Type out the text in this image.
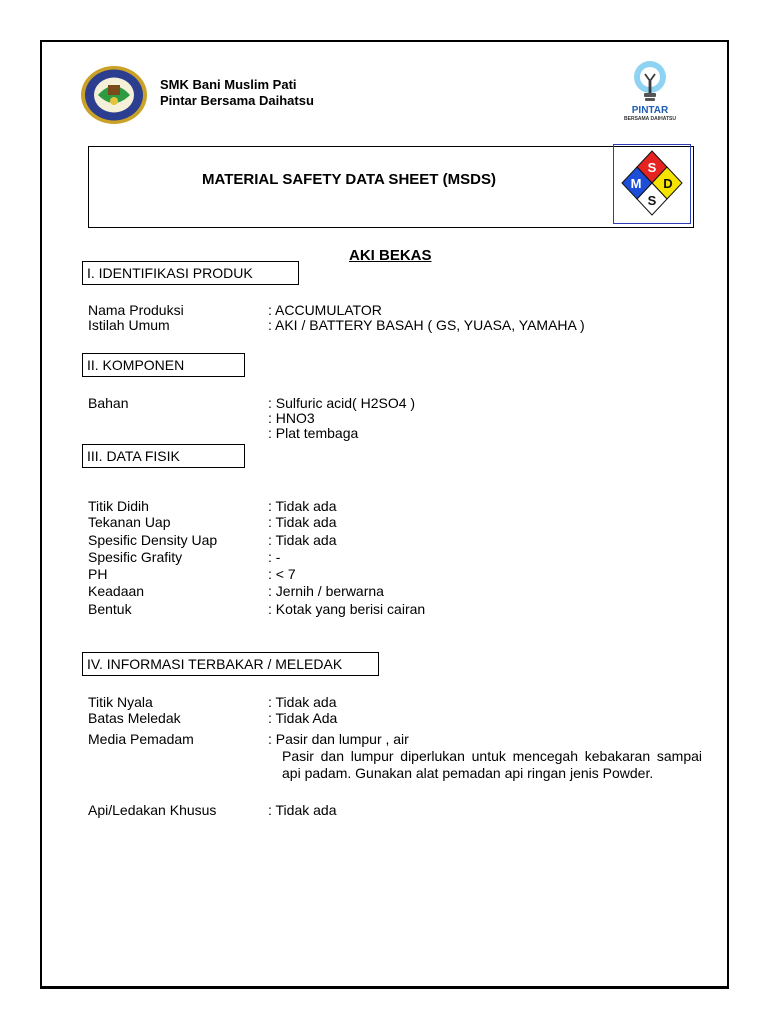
SMK Bani Muslim Pati
Pintar Bersama Daihatsu
PINTAR
BERSAMA DAIHATSU
MATERIAL SAFETY DATA SHEET (MSDS)
S
D
S
M
AKI BEKAS
I. IDENTIFIKASI PRODUK
Nama Produksi	: ACCUMULATOR
Istilah Umum	: AKI / BATTERY BASAH ( GS, YUASA, YAMAHA )
II. KOMPONEN
Bahan	: Sulfuric acid( H2SO4 )
: HNO3
: Plat tembaga
III. DATA FISIK
Titik Didih	: Tidak ada
Tekanan Uap	: Tidak ada
Spesific Density Uap	: Tidak ada
Spesific Grafity	: -
PH	: < 7
Keadaan	: Jernih / berwarna
Bentuk	: Kotak yang berisi cairan
IV. INFORMASI TERBAKAR / MELEDAK
Titik Nyala	: Tidak ada
Batas Meledak	: Tidak Ada
Media Pemadam	: Pasir dan lumpur , air
Pasir dan lumpur diperlukan untuk mencegah kebakaran sampai api padam. Gunakan alat pemadan api ringan jenis Powder.
Api/Ledakan Khusus	: Tidak ada
